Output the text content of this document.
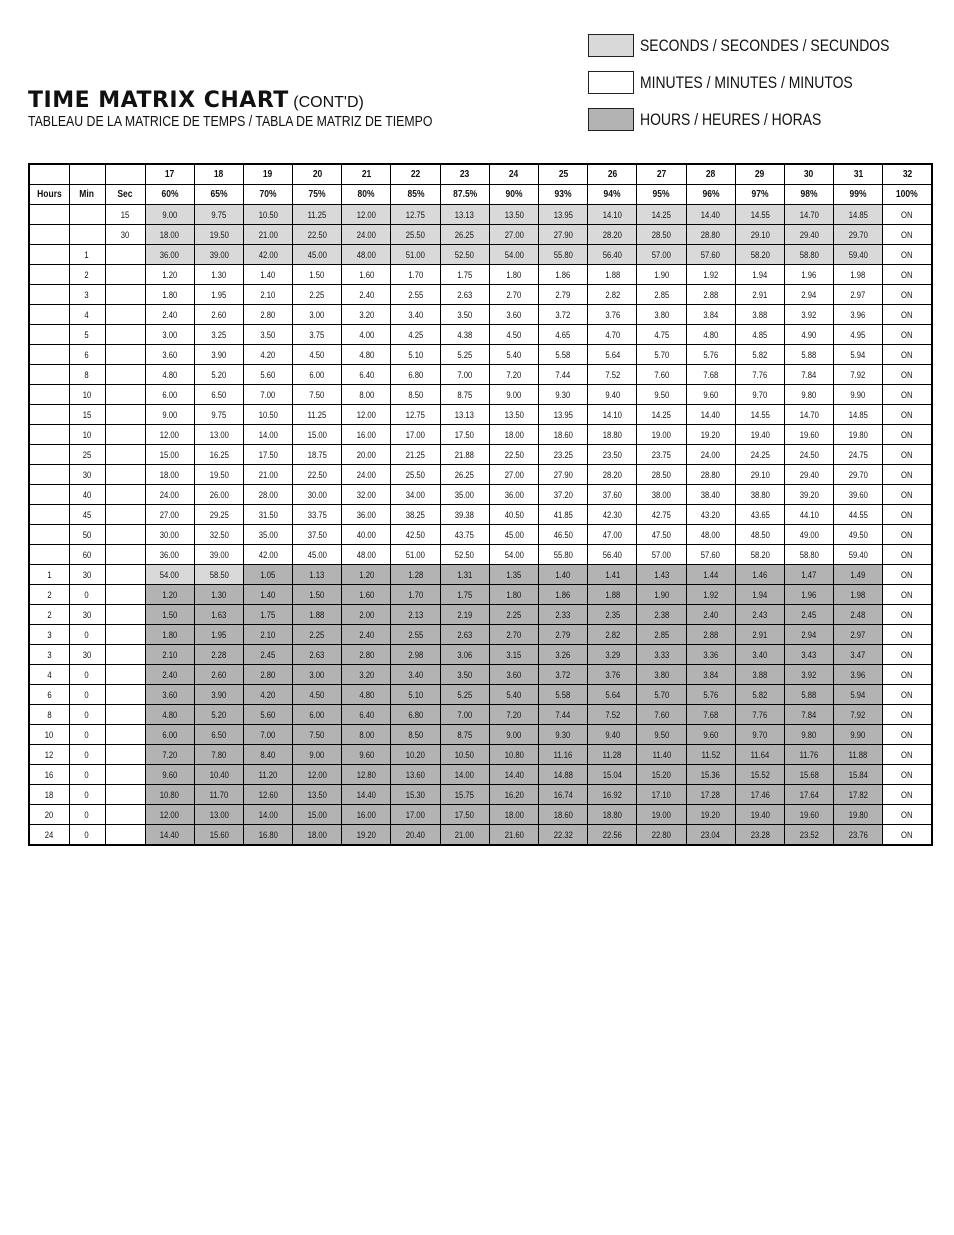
TIME MATRIX CHART (CONT'D)
TABLEAU DE LA MATRICE DE TEMPS / TABLA DE MATRIZ DE TIEMPO
SECONDS / SECONDES / SECUNDOS
MINUTES / MINUTES / MINUTOS
HOURS / HEURES / HORAS
			17	18	19	20	21	22	23	24	25	26	27	28	29	30	31	32
Hours	Min	Sec	60%	65%	70%	75%	80%	85%	87.5%	90%	93%	94%	95%	96%	97%	98%	99%	100%
		15	9.00	9.75	10.50	11.25	12.00	12.75	13.13	13.50	13.95	14.10	14.25	14.40	14.55	14.70	14.85	ON
		30	18.00	19.50	21.00	22.50	24.00	25.50	26.25	27.00	27.90	28.20	28.50	28.80	29.10	29.40	29.70	ON
	1		36.00	39.00	42.00	45.00	48.00	51.00	52.50	54.00	55.80	56.40	57.00	57.60	58.20	58.80	59.40	ON
	2		1.20	1.30	1.40	1.50	1.60	1.70	1.75	1.80	1.86	1.88	1.90	1.92	1.94	1.96	1.98	ON
	3		1.80	1.95	2.10	2.25	2.40	2.55	2.63	2.70	2.79	2.82	2.85	2.88	2.91	2.94	2.97	ON
	4		2.40	2.60	2.80	3.00	3.20	3.40	3.50	3.60	3.72	3.76	3.80	3.84	3.88	3.92	3.96	ON
	5		3.00	3.25	3.50	3.75	4.00	4.25	4.38	4.50	4.65	4.70	4.75	4.80	4.85	4.90	4.95	ON
	6		3.60	3.90	4.20	4.50	4.80	5.10	5.25	5.40	5.58	5.64	5.70	5.76	5.82	5.88	5.94	ON
	8		4.80	5.20	5.60	6.00	6.40	6.80	7.00	7.20	7.44	7.52	7.60	7.68	7.76	7.84	7.92	ON
	10		6.00	6.50	7.00	7.50	8.00	8.50	8.75	9.00	9.30	9.40	9.50	9.60	9.70	9.80	9.90	ON
	15		9.00	9.75	10.50	11.25	12.00	12.75	13.13	13.50	13.95	14.10	14.25	14.40	14.55	14.70	14.85	ON
	10		12.00	13.00	14.00	15.00	16.00	17.00	17.50	18.00	18.60	18.80	19.00	19.20	19.40	19.60	19.80	ON
	25		15.00	16.25	17.50	18.75	20.00	21.25	21.88	22.50	23.25	23.50	23.75	24.00	24.25	24.50	24.75	ON
	30		18.00	19.50	21.00	22.50	24.00	25.50	26.25	27.00	27.90	28.20	28.50	28.80	29.10	29.40	29.70	ON
	40		24.00	26.00	28.00	30.00	32.00	34.00	35.00	36.00	37.20	37.60	38.00	38.40	38.80	39.20	39.60	ON
	45		27.00	29.25	31.50	33.75	36.00	38.25	39.38	40.50	41.85	42.30	42.75	43.20	43.65	44.10	44.55	ON
	50		30.00	32.50	35.00	37.50	40.00	42.50	43.75	45.00	46.50	47.00	47.50	48.00	48.50	49.00	49.50	ON
	60		36.00	39.00	42.00	45.00	48.00	51.00	52.50	54.00	55.80	56.40	57.00	57.60	58.20	58.80	59.40	ON
1	30		54.00	58.50	1.05	1.13	1.20	1.28	1.31	1.35	1.40	1.41	1.43	1.44	1.46	1.47	1.49	ON
2	0		1.20	1.30	1.40	1.50	1.60	1.70	1.75	1.80	1.86	1.88	1.90	1.92	1.94	1.96	1.98	ON
2	30		1.50	1.63	1.75	1.88	2.00	2.13	2.19	2.25	2.33	2.35	2.38	2.40	2.43	2.45	2.48	ON
3	0		1.80	1.95	2.10	2.25	2.40	2.55	2.63	2.70	2.79	2.82	2.85	2.88	2.91	2.94	2.97	ON
3	30		2.10	2.28	2.45	2.63	2.80	2.98	3.06	3.15	3.26	3.29	3.33	3.36	3.40	3.43	3.47	ON
4	0		2.40	2.60	2.80	3.00	3.20	3.40	3.50	3.60	3.72	3.76	3.80	3.84	3.88	3.92	3.96	ON
6	0		3.60	3.90	4.20	4.50	4.80	5.10	5.25	5.40	5.58	5.64	5.70	5.76	5.82	5.88	5.94	ON
8	0		4.80	5.20	5.60	6.00	6.40	6.80	7.00	7.20	7.44	7.52	7.60	7.68	7.76	7.84	7.92	ON
10	0		6.00	6.50	7.00	7.50	8.00	8.50	8.75	9.00	9.30	9.40	9.50	9.60	9.70	9.80	9.90	ON
12	0		7.20	7.80	8.40	9.00	9.60	10.20	10.50	10.80	11.16	11.28	11.40	11.52	11.64	11.76	11.88	ON
16	0		9.60	10.40	11.20	12.00	12.80	13.60	14.00	14.40	14.88	15.04	15.20	15.36	15.52	15.68	15.84	ON
18	0		10.80	11.70	12.60	13.50	14.40	15.30	15.75	16.20	16.74	16.92	17.10	17.28	17.46	17.64	17.82	ON
20	0		12.00	13.00	14.00	15.00	16.00	17.00	17.50	18.00	18.60	18.80	19.00	19.20	19.40	19.60	19.80	ON
24	0		14.40	15.60	16.80	18.00	19.20	20.40	21.00	21.60	22.32	22.56	22.80	23.04	23.28	23.52	23.76	ON
